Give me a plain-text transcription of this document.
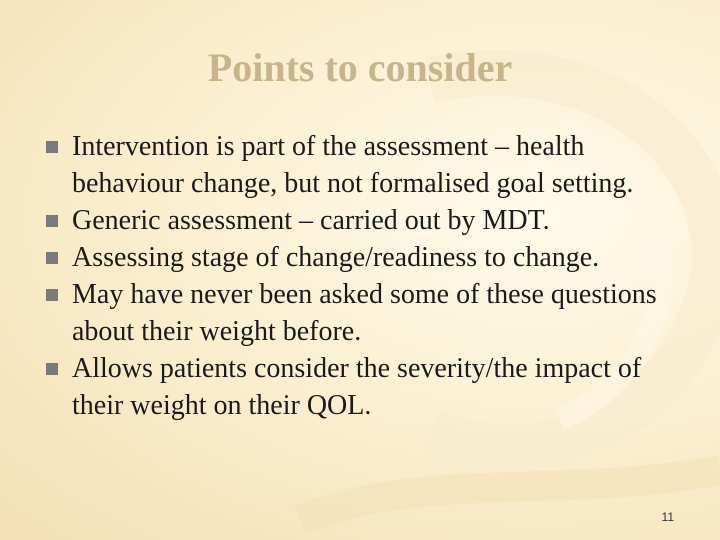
Points to consider
Intervention is part of the assessment – health behaviour change, but not formalised goal setting.
Generic assessment – carried out by MDT.
Assessing stage of change/readiness to change.
May have never been asked some of these questions about their weight before.
Allows patients consider the severity/the impact of their weight on their QOL.
11
